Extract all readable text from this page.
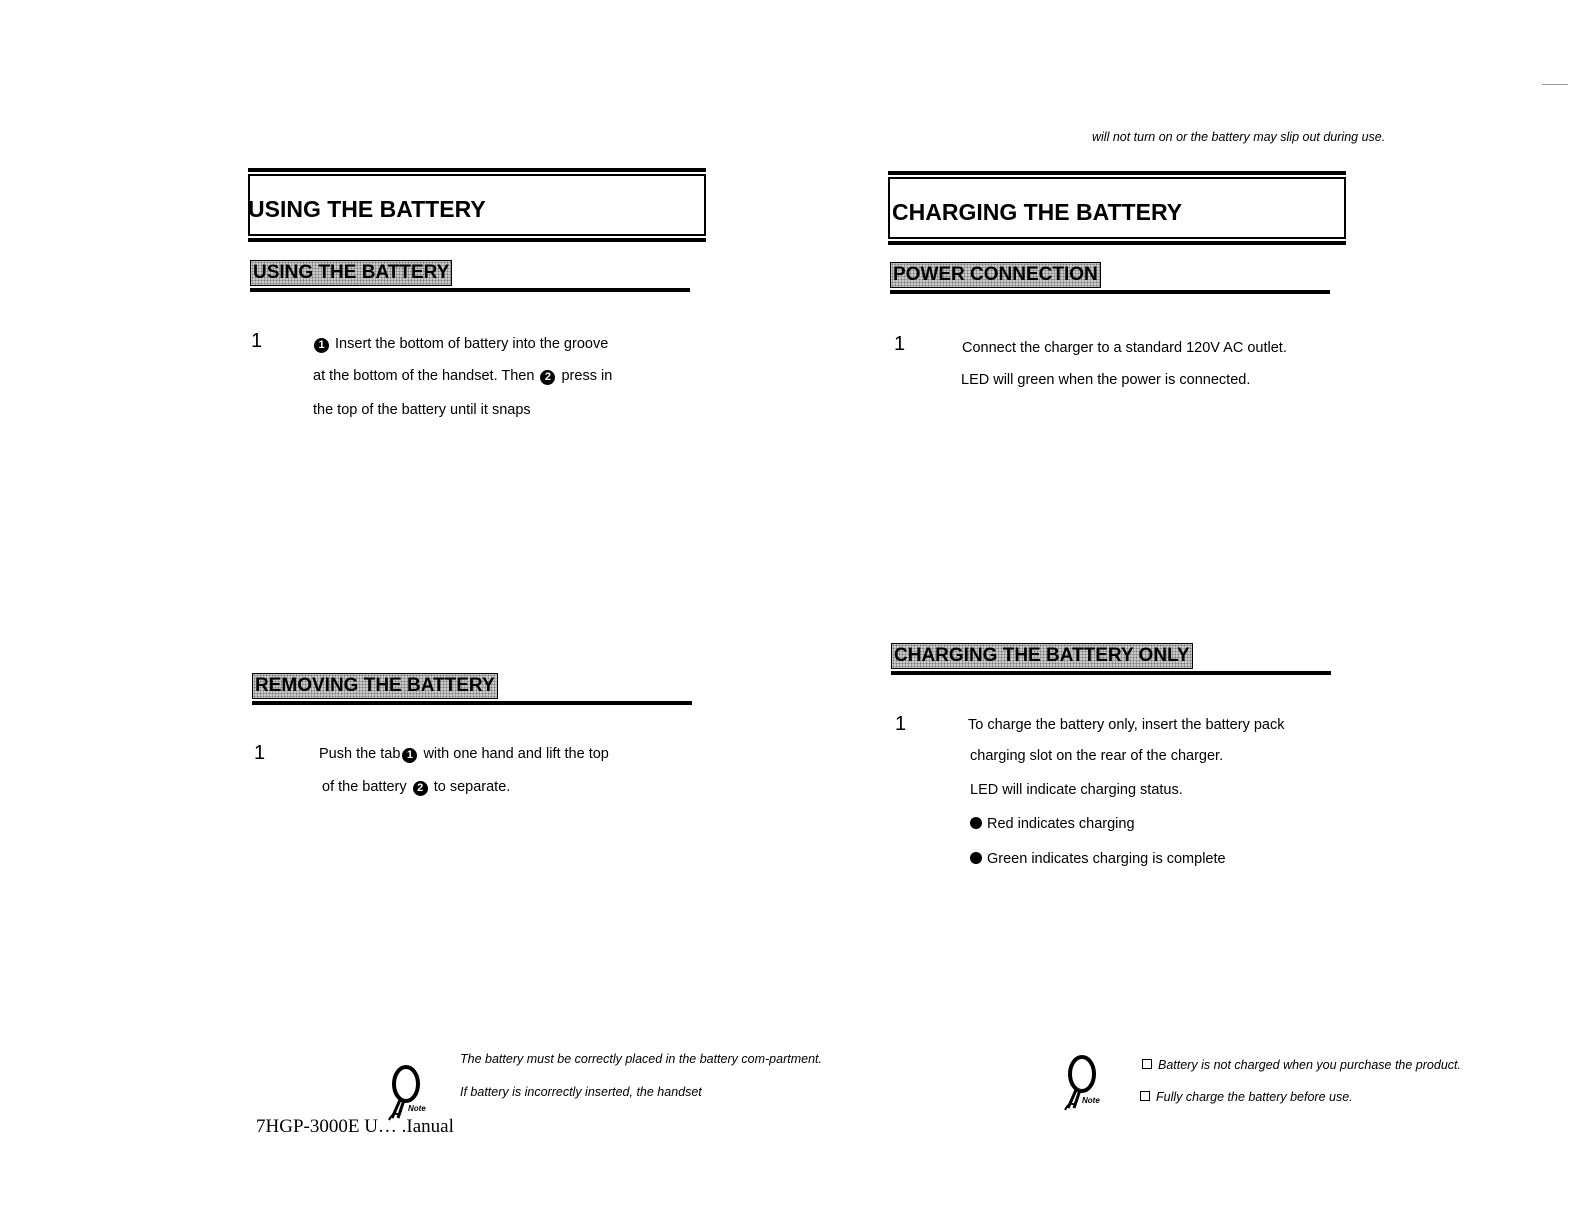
will not turn on or the battery may slip out during use.
USING THE BATTERY
USING THE BATTERY
1	1 Insert the bottom of battery into the groove
at the bottom of the handset. Then 2 press in
the top of the battery until it snaps
REMOVING THE BATTERY
1	Push the tab 1 with one hand and lift the top
of the battery 2 to separate.
Note
The battery must be correctly placed in the battery com-partment.
If battery is incorrectly inserted, the handset
7HGP-3000E U… .Ianual
CHARGING THE BATTERY
POWER CONNECTION
1	Connect the charger to a standard 120V AC outlet.
LED will green when the power is connected.
CHARGING THE BATTERY ONLY
1	To charge the battery only, insert the battery pack
charging slot on the rear of the charger.
LED will indicate charging status.
Red indicates charging
Green indicates charging is complete
Note
Battery is not charged when you purchase the product.
Fully charge the battery before use.
